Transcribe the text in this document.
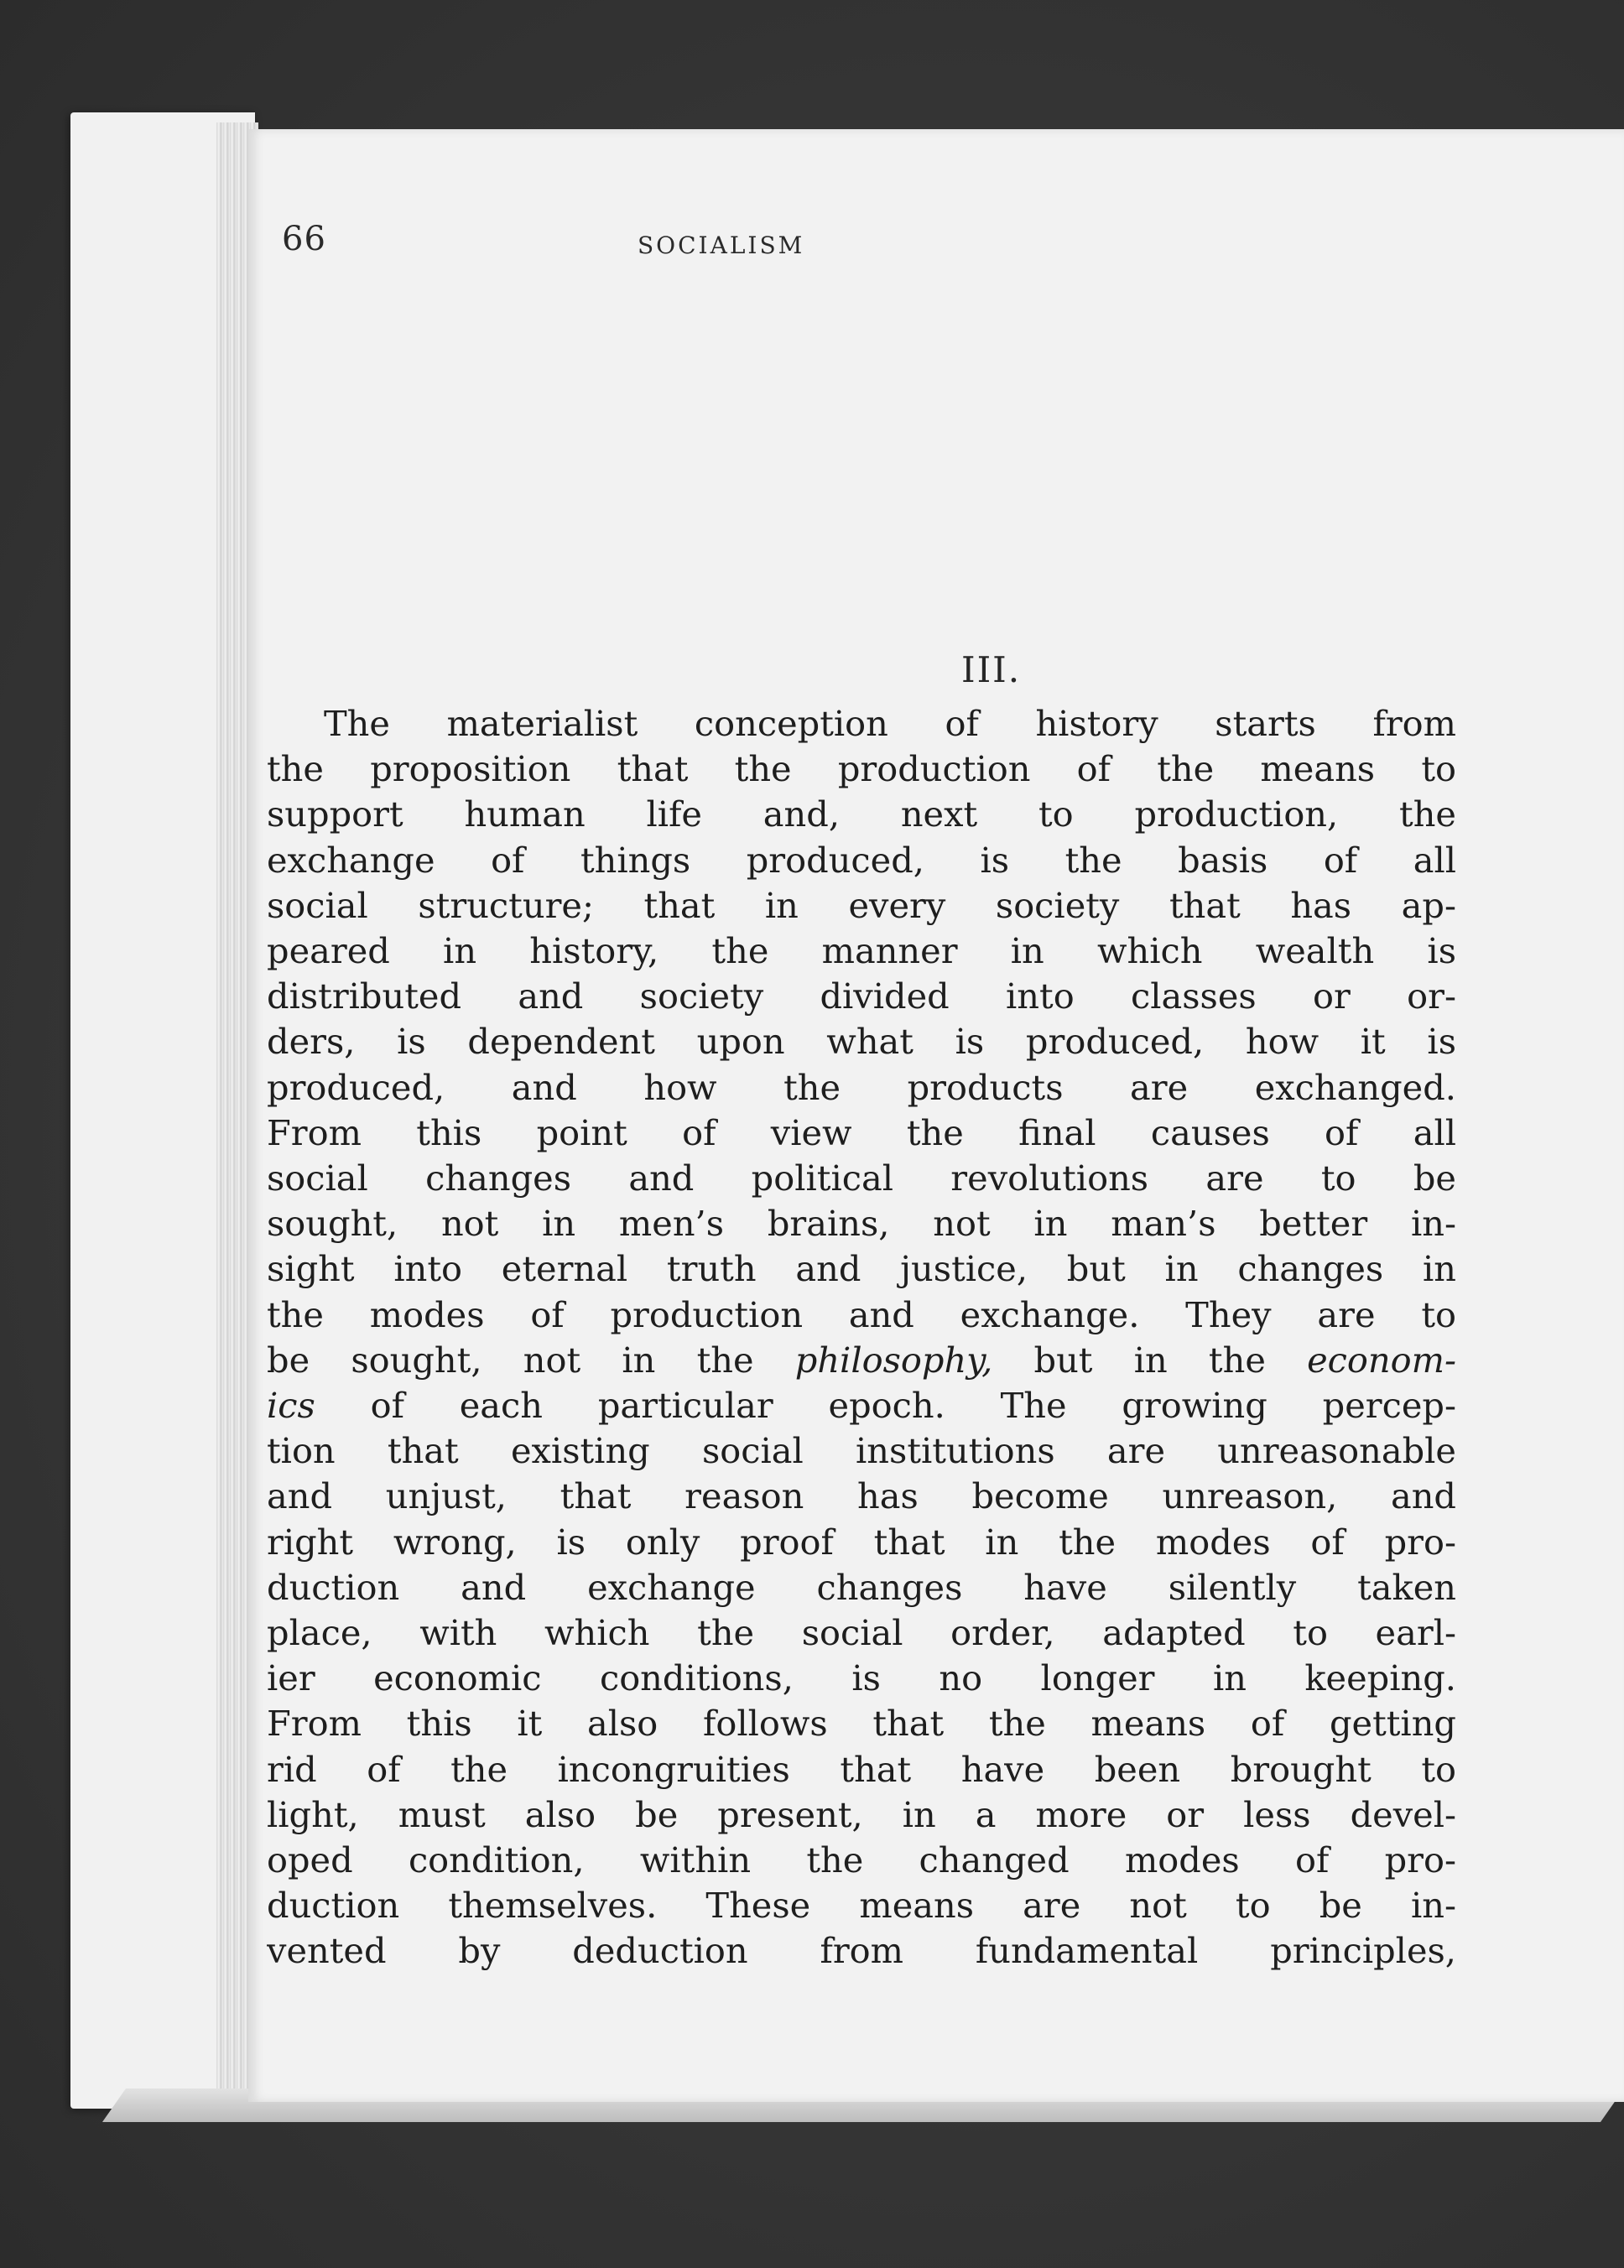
66	SOCIALISM
III.
The materialist conception of history starts from
the proposition that the production of the means to
support human life and, next to production, the
exchange of things produced, is the basis of all
social structure; that in every society that has ap-
peared in history, the manner in which wealth is
distributed and society divided into classes or or-
ders, is dependent upon what is produced, how it is
produced, and how the products are exchanged.
From this point of view the final causes of all
social changes and political revolutions are to be
sought, not in men’s brains, not in man’s better in-
sight into eternal truth and justice, but in changes in
the modes of production and exchange. They are to
be sought, not in the philosophy, but in the econom-
ics of each particular epoch. The growing percep-
tion that existing social institutions are unreasonable
and unjust, that reason has become unreason, and
right wrong, is only proof that in the modes of pro-
duction and exchange changes have silently taken
place, with which the social order, adapted to earl-
ier economic conditions, is no longer in keeping.
From this it also follows that the means of getting
rid of the incongruities that have been brought to
light, must also be present, in a more or less devel-
oped condition, within the changed modes of pro-
duction themselves. These means are not to be in-
vented by deduction from fundamental principles,
